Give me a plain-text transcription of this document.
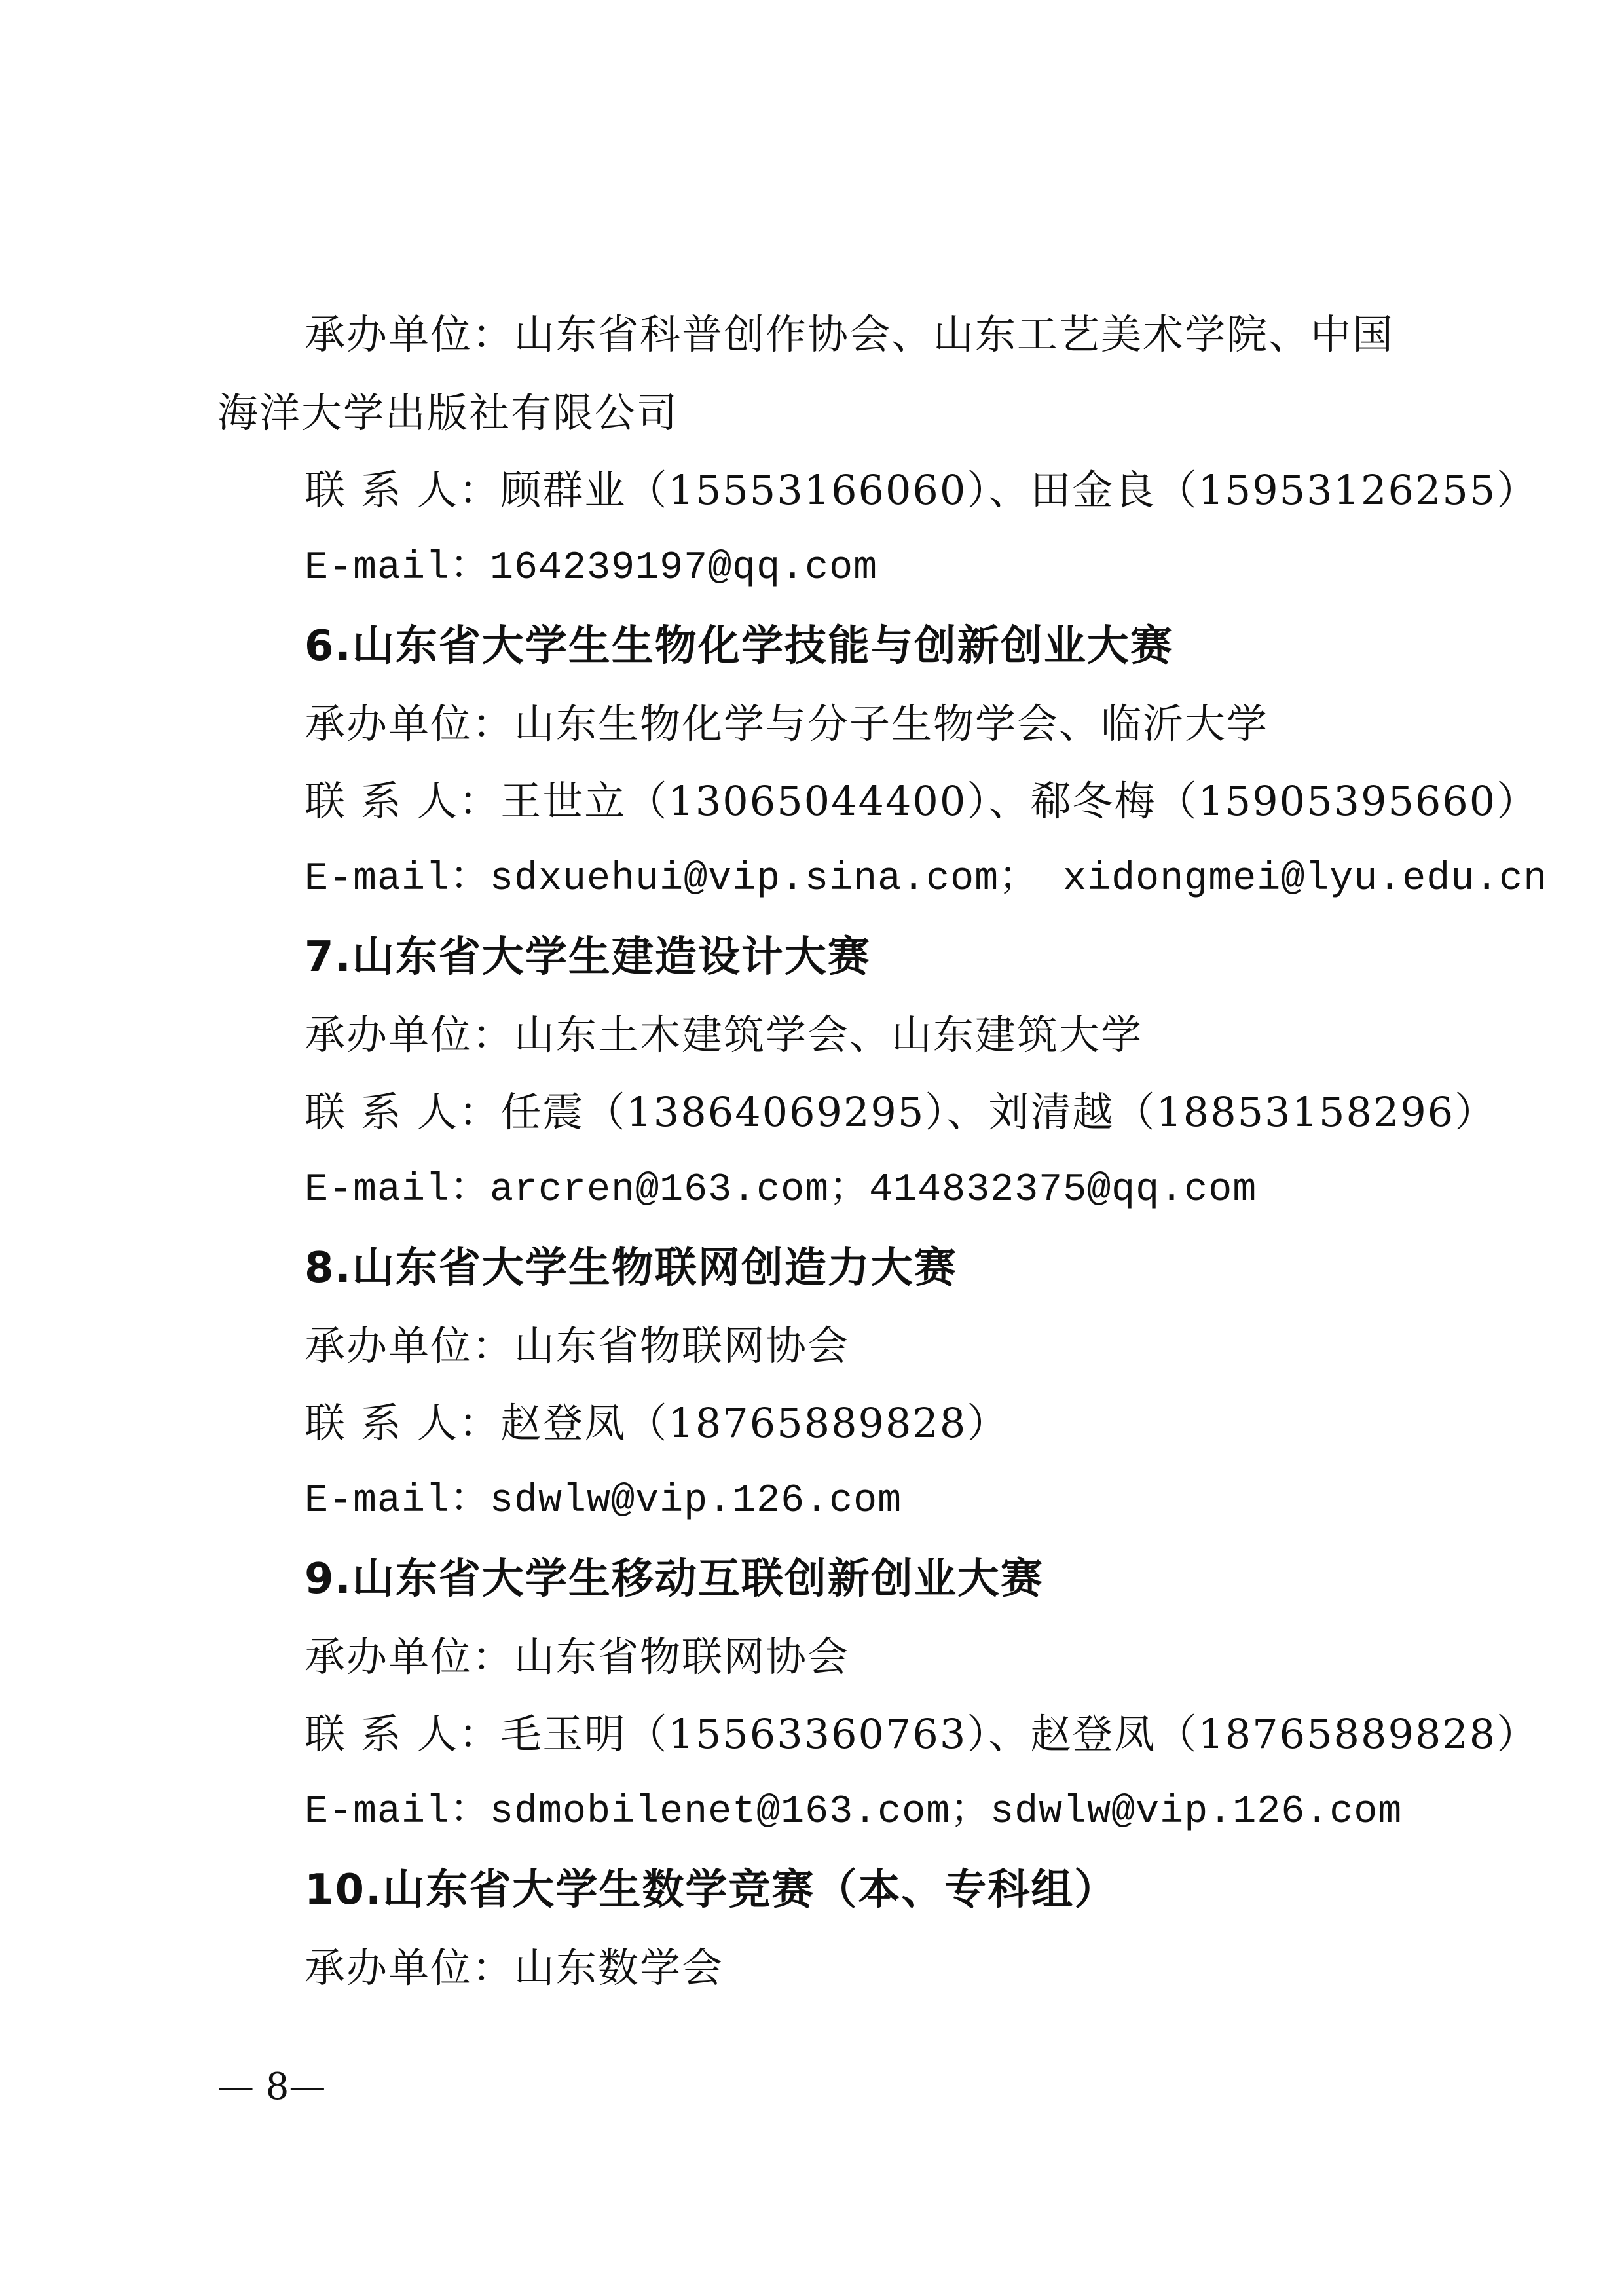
承办单位：山东省科普创作协会、山东工艺美术学院、中国
海洋大学出版社有限公司
联 系 人：顾群业（15553166060）、田金良（15953126255）
E-mail：164239197@qq.com
6.山东省大学生生物化学技能与创新创业大赛
承办单位：山东生物化学与分子生物学会、临沂大学
联 系 人：王世立（13065044400）、郗冬梅（15905395660）
E-mail：sdxuehui@vip.sina.com； xidongmei@lyu.edu.cn
7.山东省大学生建造设计大赛
承办单位：山东土木建筑学会、山东建筑大学
联 系 人：任震（13864069295）、刘清越（18853158296）
E-mail：arcren@163.com；414832375@qq.com
8.山东省大学生物联网创造力大赛
承办单位：山东省物联网协会
联 系 人：赵登凤（18765889828）
E-mail：sdwlw@vip.126.com
9.山东省大学生移动互联创新创业大赛
承办单位：山东省物联网协会
联 系 人：毛玉明（15563360763）、赵登凤（18765889828）
E-mail：sdmobilenet@163.com；sdwlw@vip.126.com
10.山东省大学生数学竞赛（本、专科组）
承办单位：山东数学会
— 8—
